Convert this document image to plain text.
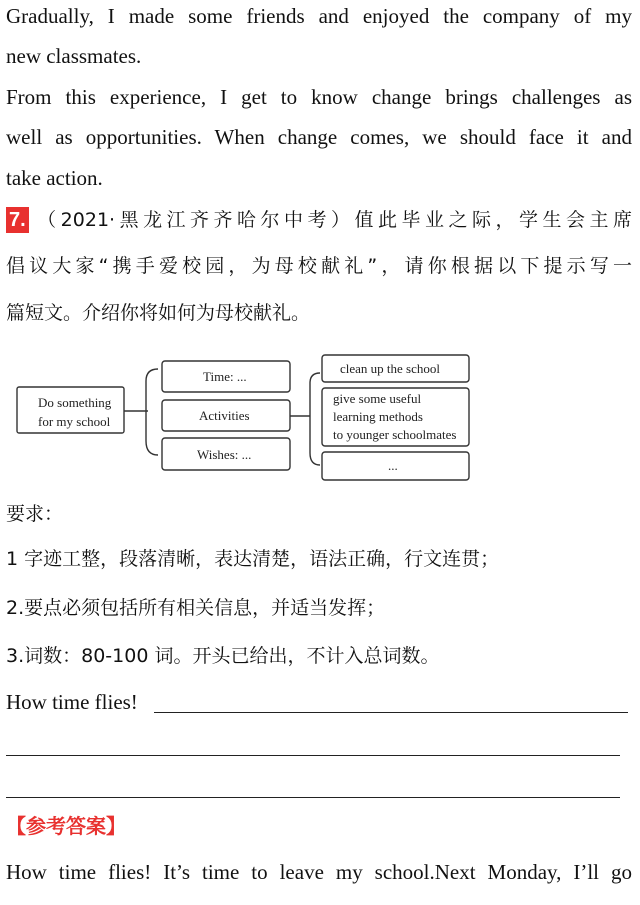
Gradually, I made some friends and enjoyed the company of my
new classmates.
From this experience, I get to know change brings challenges as
well as opportunities. When change comes, we should face it and
take action.
7. （2021·黑龙江齐齐哈尔中考）值此毕业之际，学生会主席
倡议大家“携手爱校园，为母校献礼”，请你根据以下提示写一
篇短文。介绍你将如何为母校献礼。
Do something
for my school
Time: ...
Activities
Wishes: ...
clean up the school
give some useful
learning methods
to younger schoolmates
...
要求：
1 字迹工整，段落清晰，表达清楚，语法正确，行文连贯；
2.要点必须包括所有相关信息，并适当发挥；
3.词数：80-100 词。开头已给出，不计入总词数。
How time flies!
【参考答案】
How time flies! It’s time to leave my school.Next Monday, I’ll go
